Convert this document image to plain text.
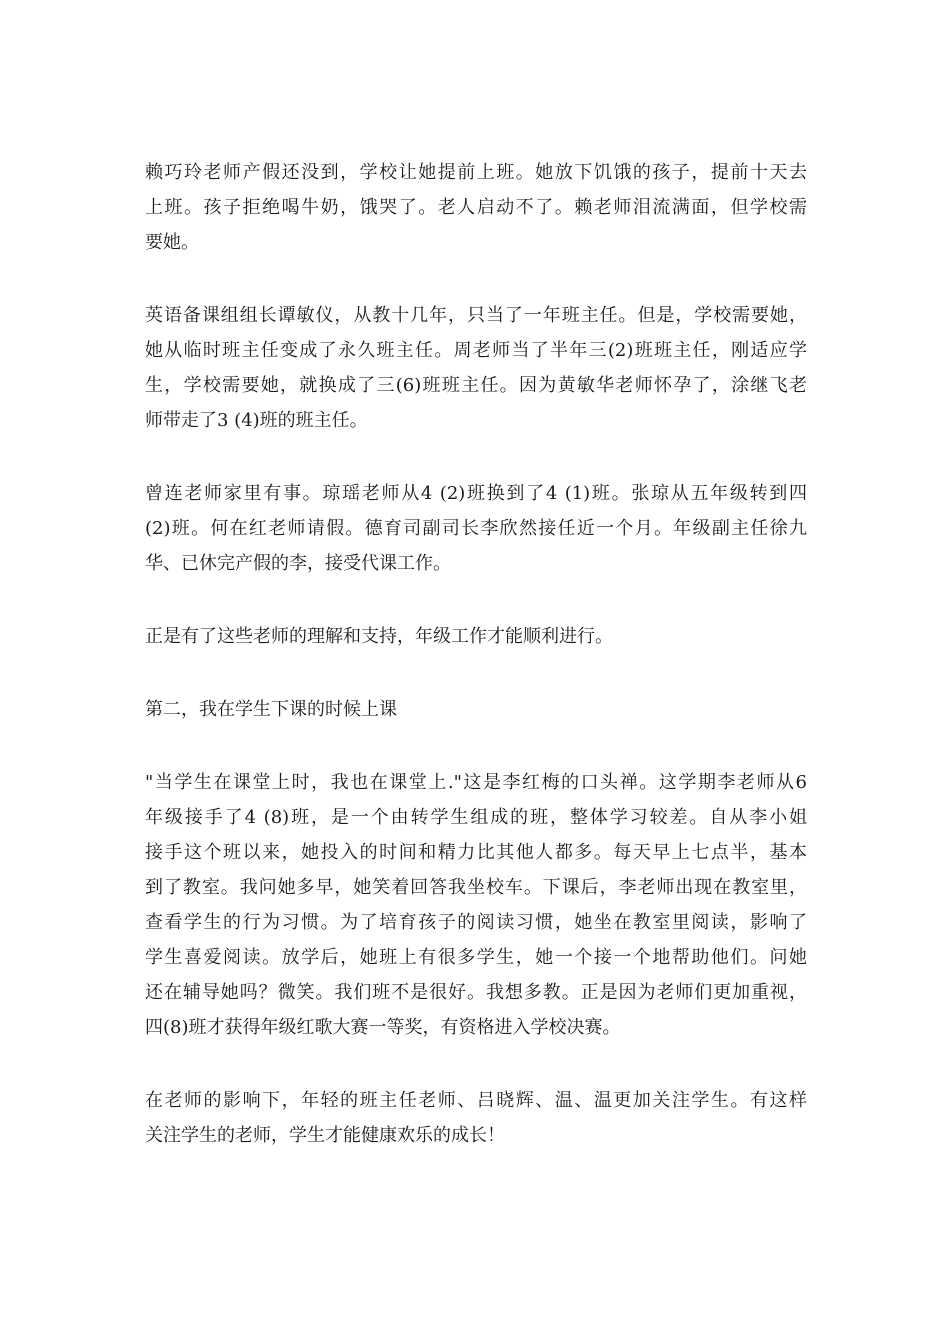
赖巧玲老师产假还没到，学校让她提前上班。她放下饥饿的孩子，提前十天去
上班。孩子拒绝喝牛奶，饿哭了。老人启动不了。赖老师泪流满面，但学校需
要她。
英语备课组组长谭敏仪，从教十几年，只当了一年班主任。但是，学校需要她，
她从临时班主任变成了永久班主任。周老师当了半年三(2)班班主任，刚适应学
生，学校需要她，就换成了三(6)班班主任。因为黄敏华老师怀孕了，涂继飞老
师带走了3 (4)班的班主任。
曾连老师家里有事。琼瑶老师从4 (2)班换到了4 (1)班。张琼从五年级转到四
(2)班。何在红老师请假。德育司副司长李欣然接任近一个月。年级副主任徐九
华、已休完产假的李，接受代课工作。
正是有了这些老师的理解和支持，年级工作才能顺利进行。
第二，我在学生下课的时候上课
"当学生在课堂上时，我也在课堂上."这是李红梅的口头禅。这学期李老师从6
年级接手了4 (8)班，是一个由转学生组成的班，整体学习较差。自从李小姐
接手这个班以来，她投入的时间和精力比其他人都多。每天早上七点半，基本
到了教室。我问她多早，她笑着回答我坐校车。下课后，李老师出现在教室里，
查看学生的行为习惯。为了培育孩子的阅读习惯，她坐在教室里阅读，影响了
学生喜爱阅读。放学后，她班上有很多学生，她一个接一个地帮助他们。问她
还在辅导她吗？微笑。我们班不是很好。我想多教。正是因为老师们更加重视，
四(8)班才获得年级红歌大赛一等奖，有资格进入学校决赛。
在老师的影响下，年轻的班主任老师、吕晓辉、温、温更加关注学生。有这样
关注学生的老师，学生才能健康欢乐的成长！
